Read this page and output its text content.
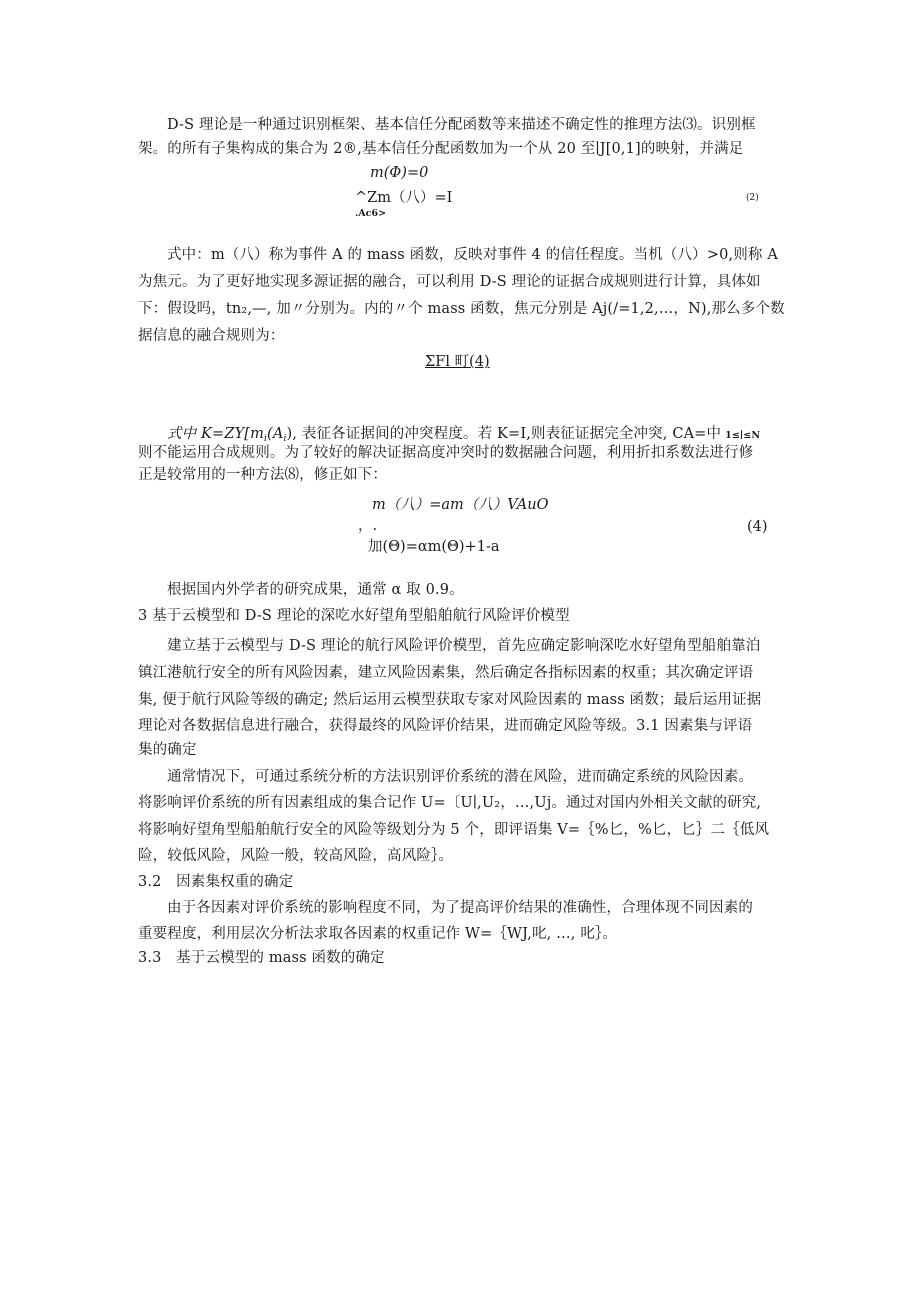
D-S 理论是一种通过识别框架、基本信任分配函数等来描述不确定性的推理方法⑶。识别框
架。的所有子集构成的集合为 2®,基本信任分配函数加为一个从 20 至∣J[0,1]的映射，并满足
m(Φ)=0
^Zm（八）=I
.Ac6>
(2)
式中：m（八）称为事件 A 的 mass 函数，反映对事件 4 的信任程度。当机（八）>0,则称 A
为焦元。为了更好地实现多源证据的融合，可以利用 D-S 理论的证据合成规则进行计算，具体如
下：假设吗，tn₂,—, 加〃分别为。内的〃个 mass 函数，焦元分别是 Aj(/=1,2,…，N),那么多个数
据信息的融合规则为：
ΣFl 町(4)
式中 $K=ZY[m_i(A_i)$, 表征各证据间的冲突程度。若 K=I,则表征证据完全冲突, CA=中 1≤∣≤N
则不能运用合成规则。为了较好的解决证据高度冲突时的数据融合问题，利用折扣系数法进行修
正是较常用的一种方法⑻，修正如下：
m（八）=am（八）VAuO
，.	(4)
加(Θ)=αm(Θ)+1-a
根据国内外学者的研究成果，通常 α 取 0.9。
3 基于云模型和 D-S 理论的深吃水好望角型船舶航行风险评价模型
建立基于云模型与 D-S 理论的航行风险评价模型，首先应确定影响深吃水好望角型船舶靠泊
镇江港航行安全的所有风险因素，建立风险因素集，然后确定各指标因素的权重；其次确定评语
集, 便于航行风险等级的确定; 然后运用云模型获取专家对风险因素的 mass 函数；最后运用证据
理论对各数据信息进行融合，获得最终的风险评价结果，进而确定风险等级。3.1 因素集与评语
集的确定
通常情况下，可通过系统分析的方法识别评价系统的潜在风险，进而确定系统的风险因素。
将影响评价系统的所有因素组成的集合记作 U=〔U∣,U₂，…,Uj。通过对国内外相关文献的研究,
将影响好望角型船舶航行安全的风险等级划分为 5 个，即评语集 V=｛%匕，%匕，匕｝二｛低风
险，较低风险，风险一般，较高风险，高风险｝。
3.2　因素集权重的确定
由于各因素对评价系统的影响程度不同，为了提高评价结果的准确性，合理体现不同因素的
重要程度，利用层次分析法求取各因素的权重记作 W=｛WJ,叱, …, 叱｝。
3.3　基于云模型的 mass 函数的确定
